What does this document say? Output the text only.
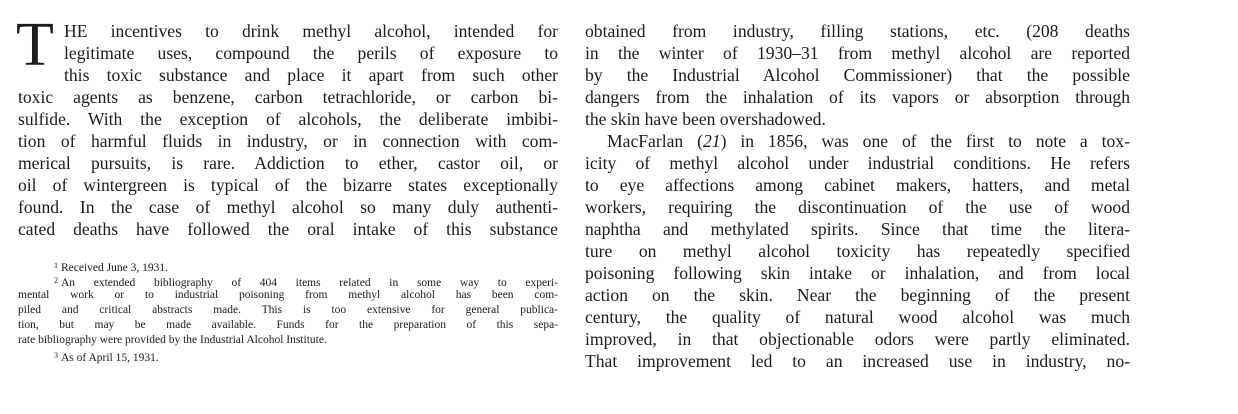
T HE incentives to drink methyl alcohol, intended for
legitimate uses, compound the perils of exposure to
this toxic substance and place it apart from such other
toxic agents as benzene, carbon tetrachloride, or carbon bi-
sulfide. With the exception of alcohols, the deliberate imbibi-
tion of harmful fluids in industry, or in connection with com-
merical pursuits, is rare. Addiction to ether, castor oil, or
oil of wintergreen is typical of the bizarre states exceptionally
found. In the case of methyl alcohol so many duly authenti-
cated deaths have followed the oral intake of this substance
$^1$ Received June 3, 1931.
$^2$ An extended bibliography of 404 items related in some way to experi-
mental work or to industrial poisoning from methyl alcohol has been com-
piled and critical abstracts made. This is too extensive for general publica-
tion, but may be made available. Funds for the preparation of this sepa-
rate bibliography were provided by the Industrial Alcohol Institute.
$^3$ As of April 15, 1931.
obtained from industry, filling stations, etc. (208 deaths
in the winter of 1930–31 from methyl alcohol are reported
by the Industrial Alcohol Commissioner) that the possible
dangers from the inhalation of its vapors or absorption through
the skin have been overshadowed.
MacFarlan (21) in 1856, was one of the first to note a tox-
icity of methyl alcohol under industrial conditions. He refers
to eye affections among cabinet makers, hatters, and metal
workers, requiring the discontinuation of the use of wood
naphtha and methylated spirits. Since that time the litera-
ture on methyl alcohol toxicity has repeatedly specified
poisoning following skin intake or inhalation, and from local
action on the skin. Near the beginning of the present
century, the quality of natural wood alcohol was much
improved, in that objectionable odors were partly eliminated.
That improvement led to an increased use in industry, no-
